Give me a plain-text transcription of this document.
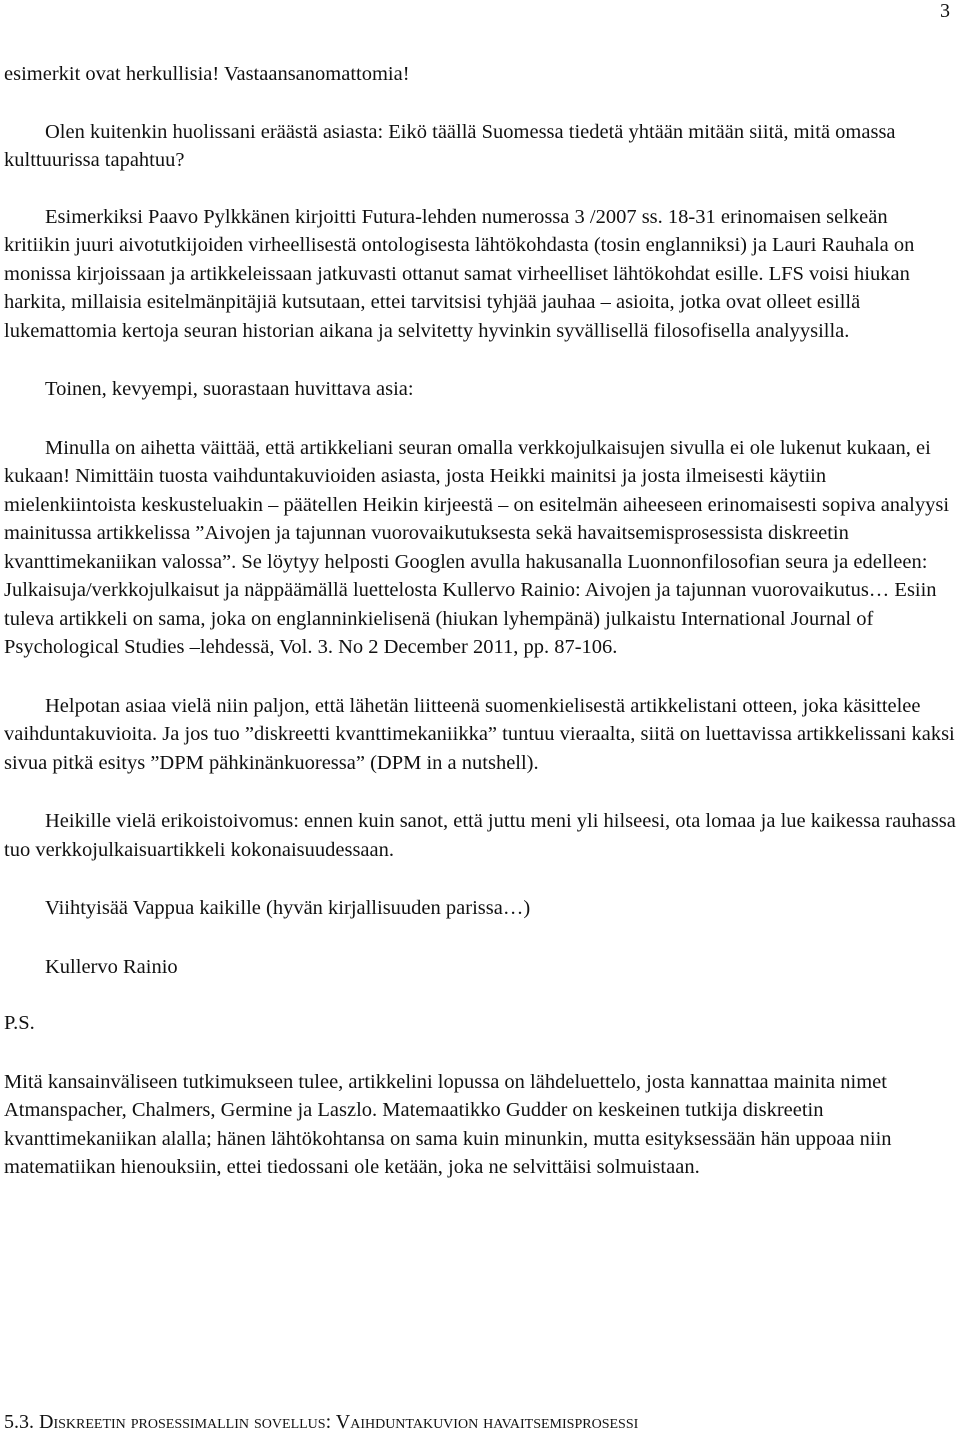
3

esimerkit ovat herkullisia! Vastaansanomattomia!

Olen kuitenkin huolissani eräästä asiasta: Eikö täällä Suomessa tiedetä yhtään mitään siitä, mitä omassa kulttuurissa tapahtuu?

Esimerkiksi Paavo Pylkkänen kirjoitti Futura-lehden numerossa 3 /2007 ss. 18-31 erinomaisen selkeän kritiikin juuri aivotutkijoiden virheellisestä ontologisesta lähtökohdasta (tosin englanniksi) ja Lauri Rauhala on monissa kirjoissaan ja artikkeleissaan jatkuvasti ottanut samat virheelliset lähtökohdat esille. LFS voisi hiukan harkita, millaisia esitelmänpitäjiä kutsutaan, ettei tarvitsisi tyhjää jauhaa – asioita, jotka ovat olleet esillä lukemattomia kertoja seuran historian aikana ja selvitetty hyvinkin syvällisellä filosofisella analyysilla.

Toinen, kevyempi, suorastaan huvittava asia:

Minulla on aihetta väittää, että artikkeliani seuran omalla verkkojulkaisujen sivulla ei ole lukenut kukaan, ei kukaan! Nimittäin tuosta vaihduntakuvioiden asiasta, josta Heikki mainitsi ja josta ilmeisesti käytiin mielenkiintoista keskusteluakin – päätellen Heikin kirjeestä – on esitelmän aiheeseen erinomaisesti sopiva analyysi mainitussa artikkelissa ”Aivojen ja tajunnan vuorovaikutuksesta sekä havaitsemisprosessista diskreetin kvanttimekaniikan valossa”. Se löytyy helposti Googlen avulla hakusanalla Luonnonfilosofian seura ja edelleen: Julkaisuja/verkkojulkaisut ja näppäämällä luettelosta Kullervo Rainio: Aivojen ja tajunnan vuorovaikutus… Esiin tuleva artikkeli on sama, joka on englanninkielisenä (hiukan lyhempänä) julkaistu International Journal of Psychological Studies –lehdessä, Vol. 3. No 2 December 2011, pp. 87-106.

Helpotan asiaa vielä niin paljon, että lähetän liitteenä suomenkielisestä artikkelistani otteen, joka käsittelee vaihduntakuvioita. Ja jos tuo ”diskreetti kvanttimekaniikka” tuntuu vieraalta, siitä on luettavissa artikkelissani kaksi sivua pitkä esitys ”DPM pähkinänkuoressa” (DPM in a nutshell).

Heikille vielä erikoistoivomus: ennen kuin sanot, että juttu meni yli hilseesi, ota lomaa ja lue kaikessa rauhassa tuo verkkojulkaisuartikkeli kokonaisuudessaan.

Viihtyisää Vappua kaikille (hyvän kirjallisuuden parissa…)

Kullervo Rainio

P.S.

Mitä kansainväliseen tutkimukseen tulee, artikkelini lopussa on lähdeluettelo, josta kannattaa mainita nimet Atmanspacher, Chalmers, Germine ja Laszlo. Matemaatikko Gudder on keskeinen tutkija diskreetin kvanttimekaniikan alalla; hänen lähtökohtansa on sama kuin minunkin, mutta esityksessään hän uppoaa niin matematiikan hienouksiin, ettei tiedossani ole ketään, joka ne selvittäisi solmuistaan.

5.3. Diskreetin prosessimallin sovellus: Vaihduntakuvion havaitsemisprosessi
